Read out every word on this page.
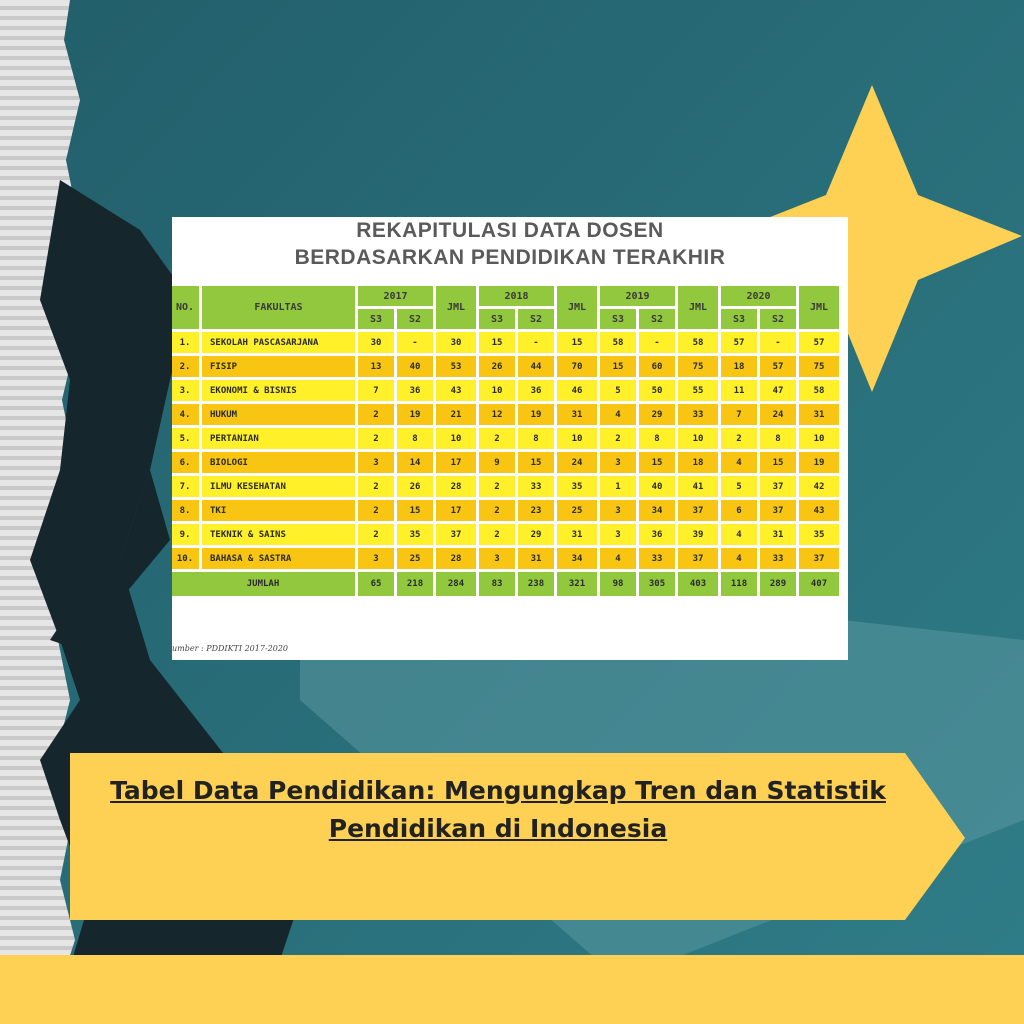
REKAPITULASI DATA DOSEN
BERDASARKAN PENDIDIKAN TERAKHIR
NO.	FAKULTAS	2017		JML	2018		JML	2019		JML	2020		JML
		S3	S2		S3	S2		S3	S2		S3	S2	
1.	SEKOLAH PASCASARJANA	30	-	30	15	-	15	58	-	58	57	-	57
2.	FISIP	13	40	53	26	44	70	15	60	75	18	57	75
3.	EKONOMI & BISNIS	7	36	43	10	36	46	5	50	55	11	47	58
4.	HUKUM	2	19	21	12	19	31	4	29	33	7	24	31
5.	PERTANIAN	2	8	10	2	8	10	2	8	10	2	8	10
6.	BIOLOGI	3	14	17	9	15	24	3	15	18	4	15	19
7.	ILMU KESEHATAN	2	26	28	2	33	35	1	40	41	5	37	42
8.	TKI	2	15	17	2	23	25	3	34	37	6	37	43
9.	TEKNIK & SAINS	2	35	37	2	29	31	3	36	39	4	31	35
10.	BAHASA & SASTRA	3	25	28	3	31	34	4	33	37	4	33	37
JUMLAH		65	218	284	83	238	321	98	305	403	118	289	407
umber : PDDIKTI 2017-2020
Tabel Data Pendidikan: Mengungkap Tren dan Statistik
Pendidikan di Indonesia
